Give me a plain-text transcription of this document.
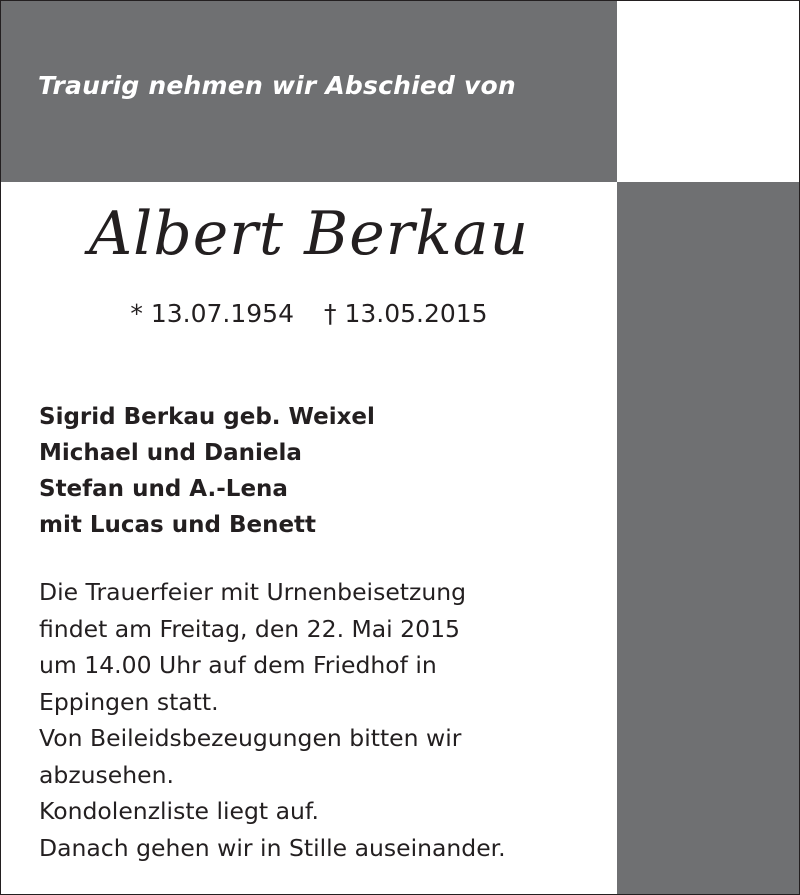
Traurig nehmen wir Abschied von

Albert Berkau
* 13.07.1954 † 13.05.2015
Sigrid Berkau geb. Weixel
Michael und Daniela
Stefan und A.-Lena
mit Lucas und Benett
Die Trauerfeier mit Urnenbeisetzung
findet am Freitag, den 22. Mai 2015
um 14.00 Uhr auf dem Friedhof in
Eppingen statt.
Von Beileidsbezeugungen bitten wir
abzusehen.
Kondolenzliste liegt auf.
Danach gehen wir in Stille auseinander.
